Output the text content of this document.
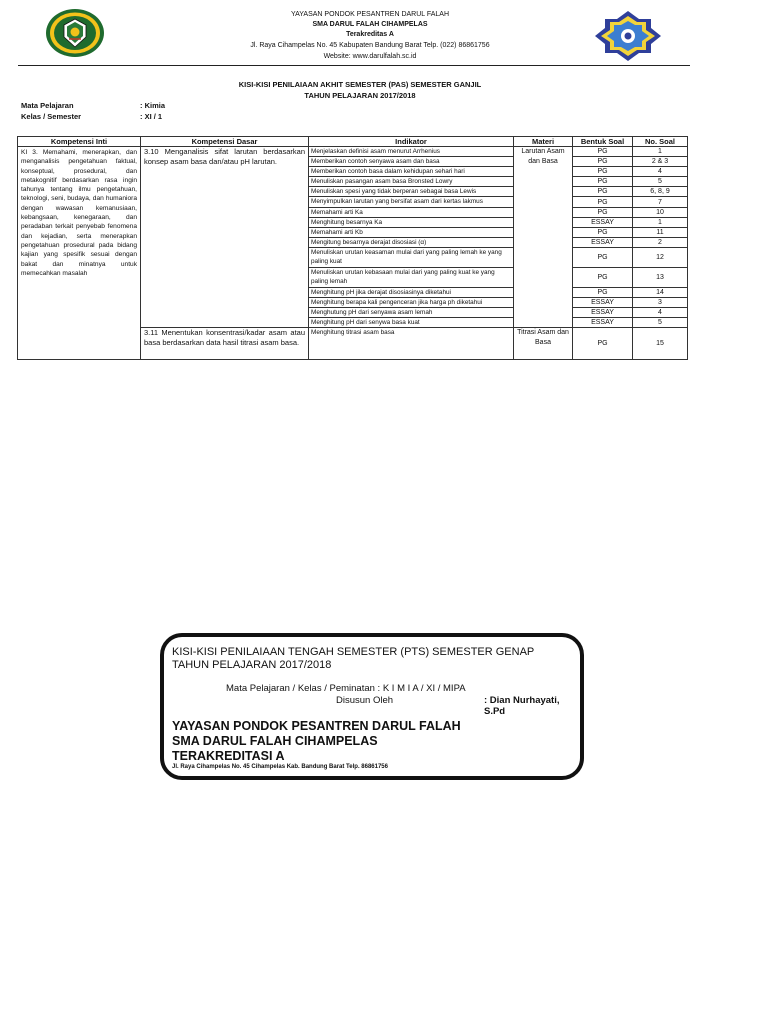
YAYASAN PONDOK PESANTREN DARUL FALAH
SMA DARUL FALAH CIHAMPELAS
Terakreditas A
Jl. Raya Cihampelas No. 45 Kabupaten Bandung Barat Telp. (022) 86861756
Website: www.darulfalah.sc.id
KISI-KISI PENILAIAAN AKHIT SEMESTER (PAS) SEMESTER GANJIL
TAHUN PELAJARAN 2017/2018
Mata Pelajaran	: Kimia
Kelas / Semester	: XI / 1
Kompetensi Inti	Kompetensi Dasar	Indikator	Materi	Bentuk Soal	No. Soal
KI 3. Memahami, menerapkan, dan menganalisis pengetahuan faktual, konseptual, prosedural, dan metakognitif berdasarkan rasa ingin tahunya tentang ilmu pengetahuan, teknologi, seni, budaya, dan humaniora dengan wawasan kemanusiaan, kebangsaan, kenegaraan, dan peradaban terkait penyebab fenomena dan kejadian, serta menerapkan pengetahuan prosedural pada bidang kajian yang spesifik sesuai dengan bakat dan minatnya untuk memecahkan masalah	3.10 Menganalisis sifat larutan berdasarkan konsep asam basa dan/atau pH larutan.	Menjelaskan definisi asam menurut Arrhenius	Larutan Asam dan Basa	PG	1
		Memberikan contoh senyawa asam dan basa		PG	2 & 3
		Memberikan contoh basa dalam kehidupan sehari hari		PG	4
		Menuliskan pasangan asam basa Bronsted Lowry		PG	5
		Menuliskan spesi yang tidak berperan sebagai basa Lewis		PG	6, 8, 9
		Menyimpulkan larutan yang bersifat asam dari kertas lakmus		PG	7
		Memahami arti Ka		PG	10
		Menghitung besarnya Ka		ESSAY	1
		Memahami arti Kb		PG	11
		Mengitung besarnya derajat disosiasi (α)		ESSAY	2
		Menuliskan urutan keasaman mulai dari yang paling lemah ke yang paling kuat		PG	12
		Menuliskan urutan kebasaan mulai dari yang paling kuat ke yang paling lemah		PG	13
		Menghitung pH jika derajat disosiasinya diketahui		PG	14
		Menghitung berapa kali pengenceran jika harga ph diketahui		ESSAY	3
		Menghutung pH dari senyawa asam lemah		ESSAY	4
		Menghitung pH dari senywa basa kuat		ESSAY	5
	3.11 Menentukan konsentrasi/kadar asam atau basa berdasarkan data hasil titrasi asam basa.	Menghitung titrasi asam basa	Titrasi Asam dan Basa	PG	15
KISI-KISI PENILAIAAN TENGAH SEMESTER (PTS) SEMESTER GENAP
TAHUN PELAJARAN 2017/2018
Mata Pelajaran / Kelas / Peminatan : K I M I A / XI / MIPA
Disusun Oleh	: Dian Nurhayati, S.Pd
YAYASAN PONDOK PESANTREN DARUL FALAH
SMA DARUL FALAH CIHAMPELAS
TERAKREDITASI A
Jl. Raya Cihampelas No. 45 Cihampelas Kab. Bandung Barat Telp. 86861756
